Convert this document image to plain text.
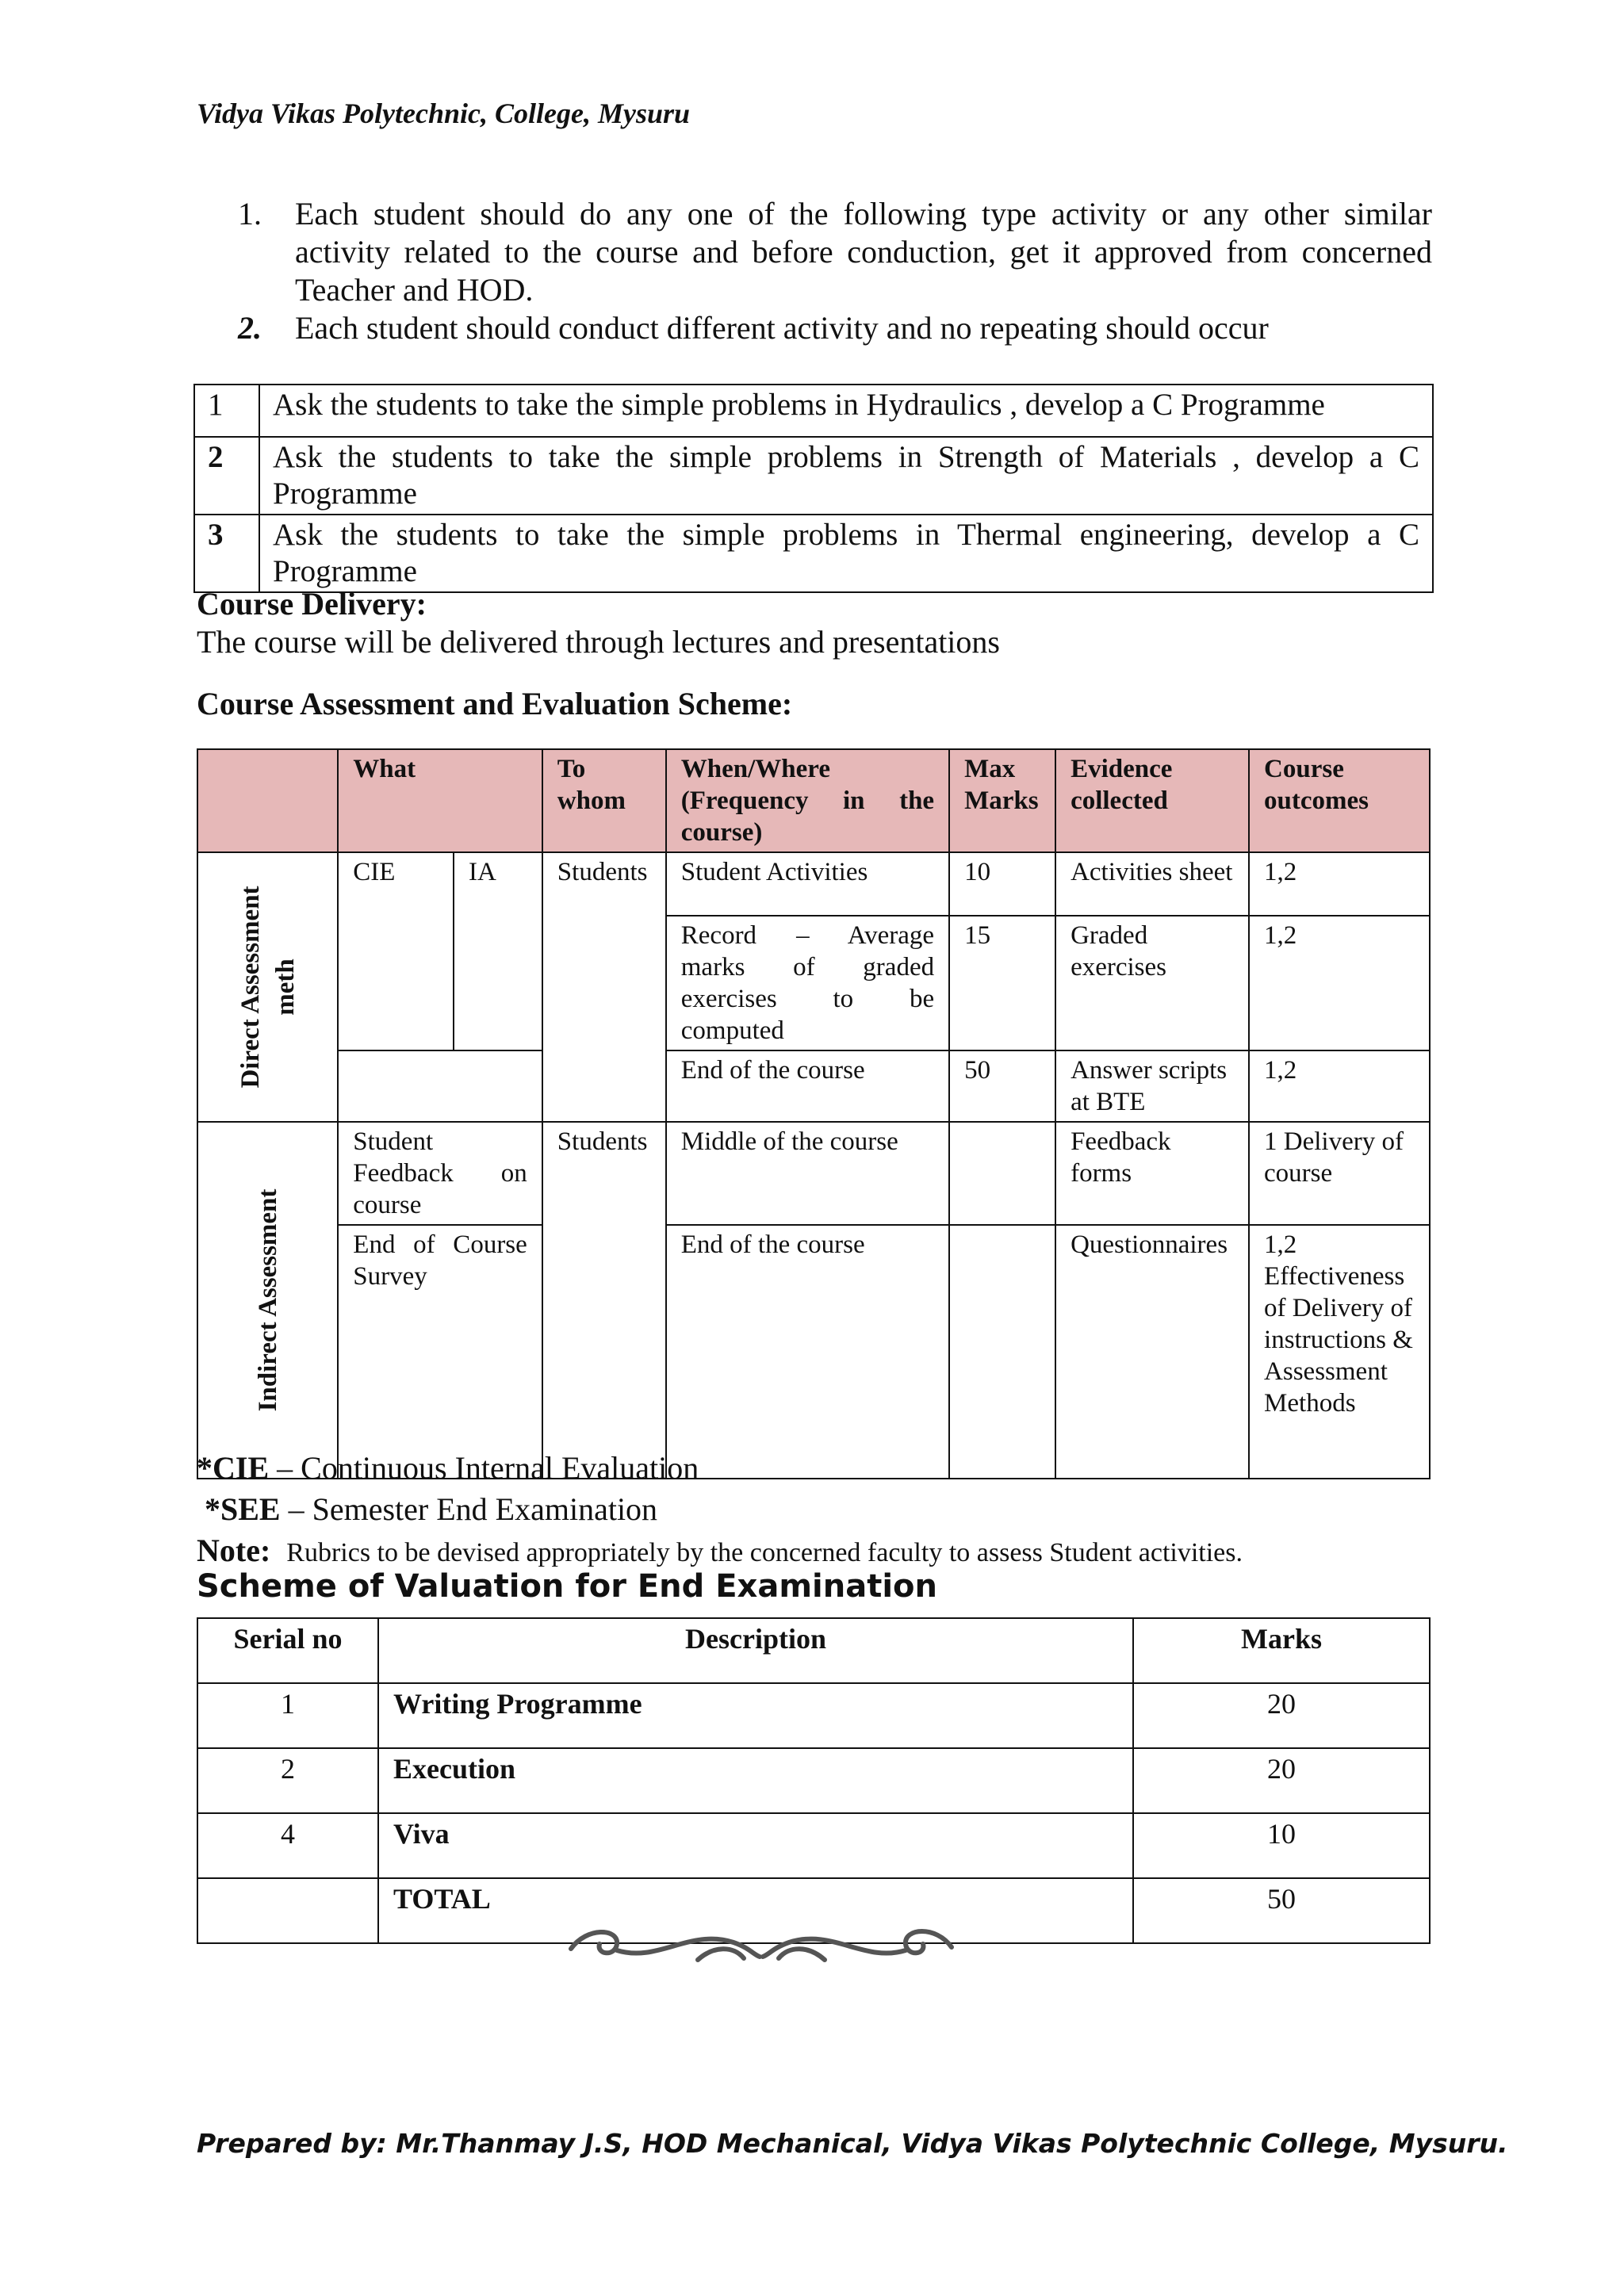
Vidya Vikas Polytechnic, College, Mysuru
1.	Each student should do any one of the following type activity or any other similar activity related to the course and before conduction, get it approved from concerned Teacher and HOD.
2.	Each student should conduct different activity and no repeating should occur
1	Ask the students to take the simple problems in Hydraulics , develop a C Programme
2	Ask the students to take the simple problems in Strength of Materials , develop a C Programme
3	Ask the students to take the simple problems in Thermal engineering, develop a C Programme
Course Delivery:
The course will be delivered through lectures and presentations
Course Assessment and Evaluation Scheme:
	What		To whom	When/Where (Frequency in the course)	Max Marks	Evidence collected	Course outcomes

Direct Assessment meth	CIE	IA	Students	Student Activities	10	Activities sheet	1,2
				Record – Average marks of graded exercises to be computed	15	Graded exercises	1,2
				End of the course	50	Answer scripts at BTE	1,2

Indirect Assessment	Student Feedback on course		Students	Middle of the course		Feedback forms	1 Delivery of course
	End of Course Survey			End of the course		Questionnaires	1,2 Effectiveness of Delivery of instructions & Assessment Methods
*CIE – Continuous Internal Evaluation
*SEE – Semester End Examination
Note: Rubrics to be devised appropriately by the concerned faculty to assess Student activities.
Scheme of Valuation for End Examination
Serial no	Description	Marks
1	Writing Programme	20
2	Execution	20
4	Viva	10
	TOTAL	50
Prepared by: Mr.Thanmay J.S, HOD Mechanical, Vidya Vikas Polytechnic College, Mysuru.
